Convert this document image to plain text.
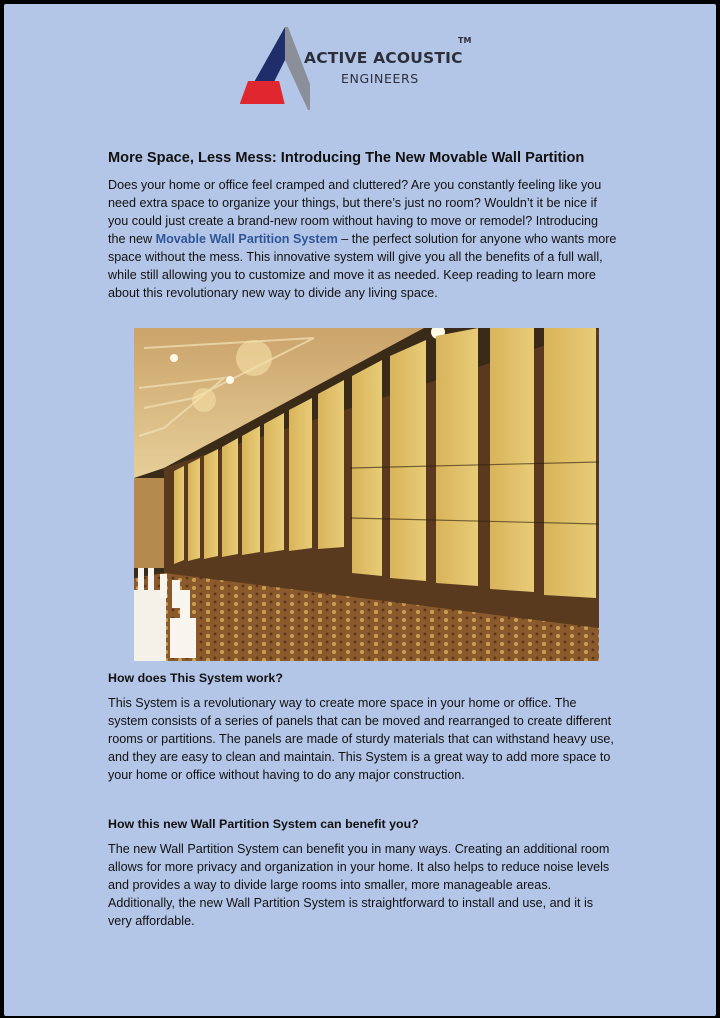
ACTIVE ACOUSTIC
ENGINEERS
TM
More Space, Less Mess: Introducing The New Movable Wall Partition

Does your home or office feel cramped and cluttered? Are you constantly feeling like you need extra space to organize your things, but there’s just no room? Wouldn’t it be nice if you could just create a brand-new room without having to move or remodel? Introducing the new Movable Wall Partition System – the perfect solution for anyone who wants more space without the mess. This innovative system will give you all the benefits of a full wall, while still allowing you to customize and move it as needed. Keep reading to learn more about this revolutionary new way to divide any living space.

How does This System work?

This System is a revolutionary way to create more space in your home or office. The system consists of a series of panels that can be moved and rearranged to create different rooms or partitions. The panels are made of sturdy materials that can withstand heavy use, and they are easy to clean and maintain. This System is a great way to add more space to your home or office without having to do any major construction.

How this new Wall Partition System can benefit you?

The new Wall Partition System can benefit you in many ways. Creating an additional room allows for more privacy and organization in your home. It also helps to reduce noise levels and provides a way to divide large rooms into smaller, more manageable areas. Additionally, the new Wall Partition System is straightforward to install and use, and it is very affordable.
